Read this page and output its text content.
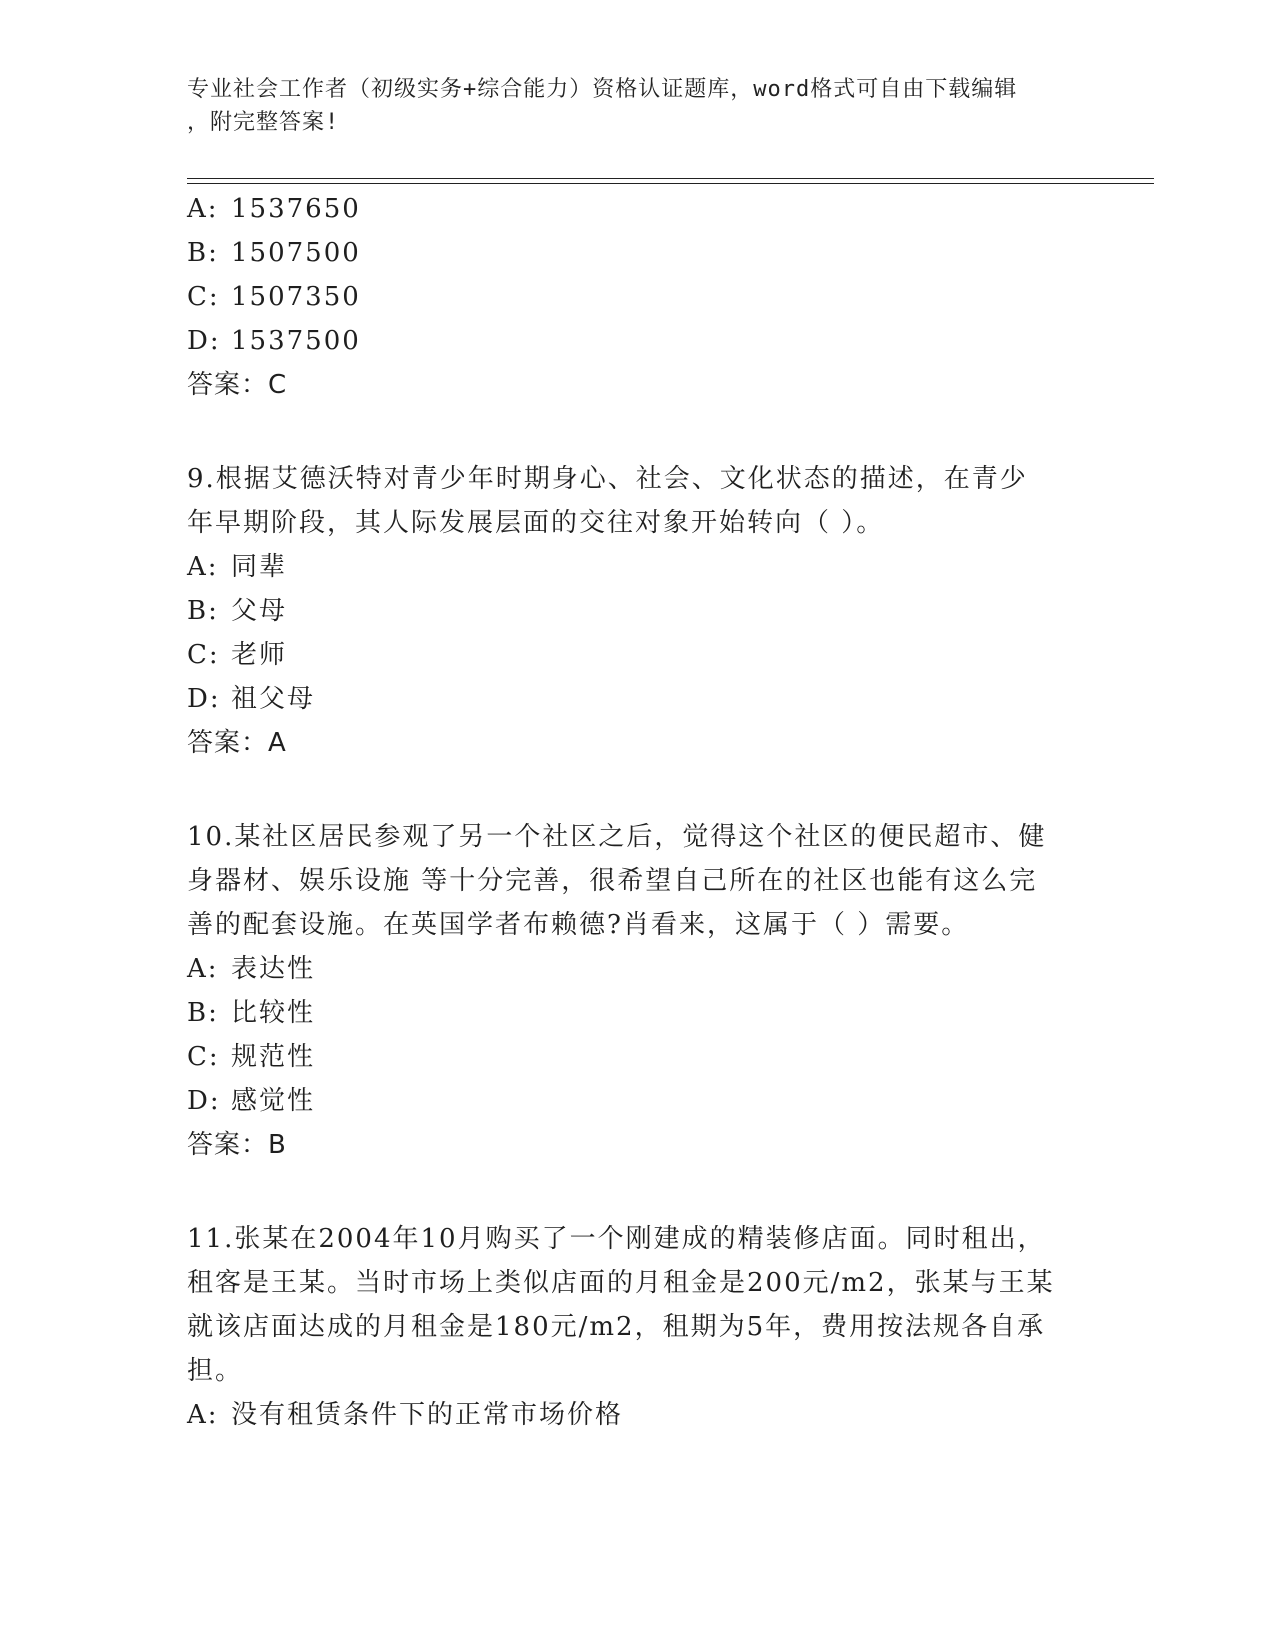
专业社会工作者（初级实务+综合能力）资格认证题库，word格式可自由下载编辑
，附完整答案!
A: 1537650
B: 1507500
C: 1507350
D: 1537500
答案：C
9.根据艾德沃特对青少年时期身心、社会、文化状态的描述，在青少
年早期阶段，其人际发展层面的交往对象开始转向（ ）。
A: 同辈
B: 父母
C: 老师
D: 祖父母
答案：A
10.某社区居民参观了另一个社区之后，觉得这个社区的便民超市、健
身器材、娱乐设施 等十分完善，很希望自己所在的社区也能有这么完
善的配套设施。在英国学者布赖德?肖看来，这属于（ ）需要。
A: 表达性
B: 比较性
C: 规范性
D: 感觉性
答案：B
11.张某在2004年10月购买了一个刚建成的精装修店面。同时租出，
租客是王某。当时市场上类似店面的月租金是200元/m2，张某与王某
就该店面达成的月租金是180元/m2，租期为5年，费用按法规各自承
担。
A: 没有租赁条件下的正常市场价格
